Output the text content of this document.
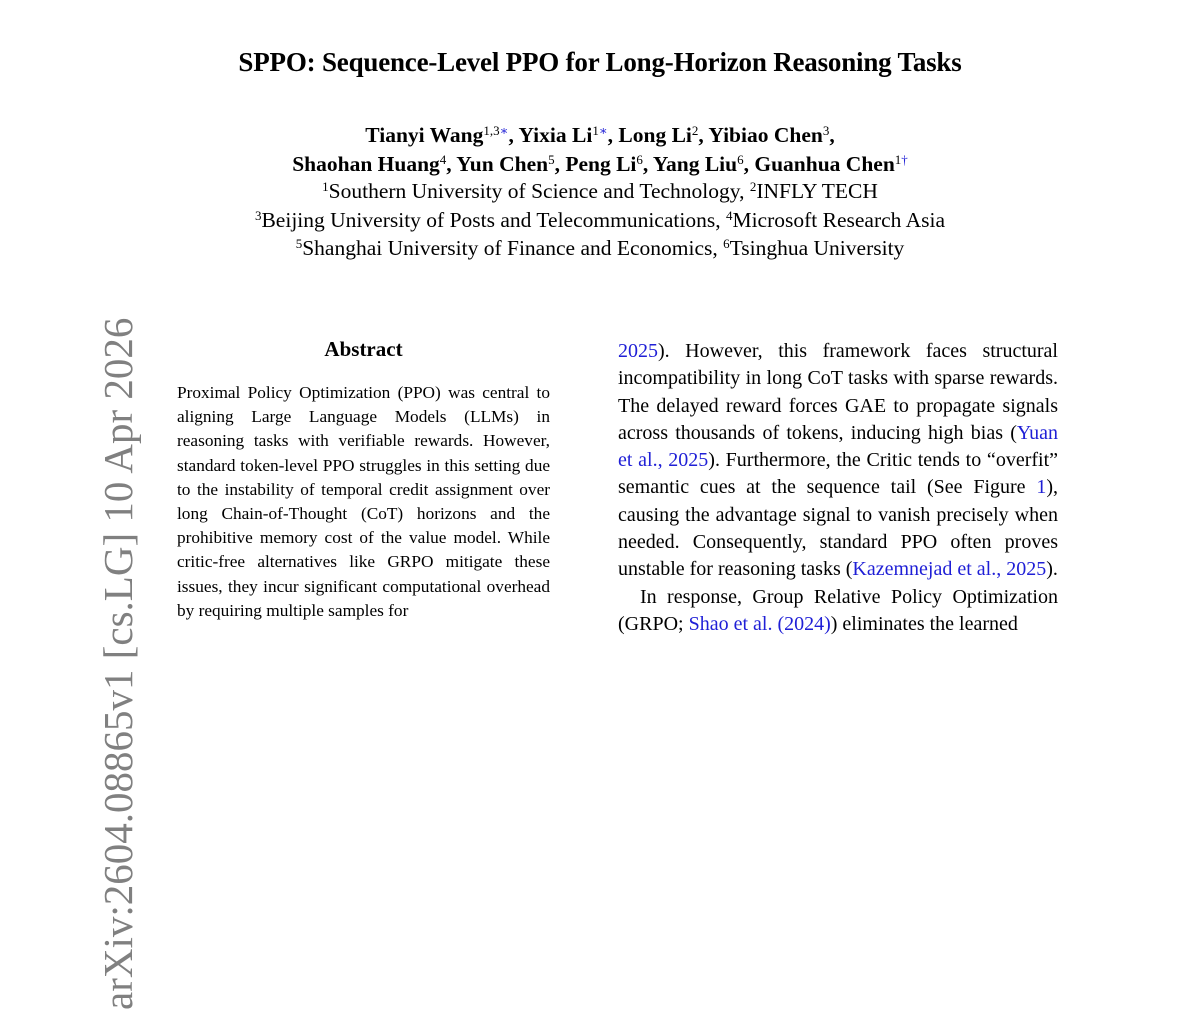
SPPO: Sequence-Level PPO for Long-Horizon Reasoning Tasks
Tianyi Wang$^{1,3∗}$, Yixia $Li^{1∗}$, Long Li$^2$, Yibiao Chen$^3$,
Shaohan Huang$^4$, Yun Chen$^5$, Peng Li$^6$, Yang Liu$^6$, Guanhua Chen$^{1\dagger}$
$^1$Southern University of Science and Technology, $^2$INFLY TECH
$^3$Beijing University of Posts and Telecommunications, $^4$Microsoft Research Asia
$^5$Shanghai University of Finance and Economics, $^6$Tsinghua University
Abstract
Proximal Policy Optimization (PPO) was central to aligning Large Language Models (LLMs) in reasoning tasks with verifiable rewards. However, standard token-level PPO struggles in this setting due to the instability of temporal credit assignment over long Chain-of-Thought (CoT) horizons and the prohibitive memory cost of the value model. While critic-free alternatives like GRPO mitigate these issues, they incur significant computational overhead by requiring multiple samples for

2025). However, this framework faces structural incompatibility in long CoT tasks with sparse rewards. The delayed reward forces GAE to propagate signals across thousands of tokens, inducing high bias (Yuan et al., 2025). Furthermore, the Critic tends to “overfit” semantic cues at the sequence tail (See Figure 1), causing the advantage signal to vanish precisely when needed. Consequently, standard PPO often proves unstable for reasoning tasks (Kazemnejad et al., 2025).

In response, Group Relative Policy Optimization (GRPO; Shao et al. (2024)) eliminates the learned

arXiv:2604.08865v1 [cs.LG] 10 Apr 2026
